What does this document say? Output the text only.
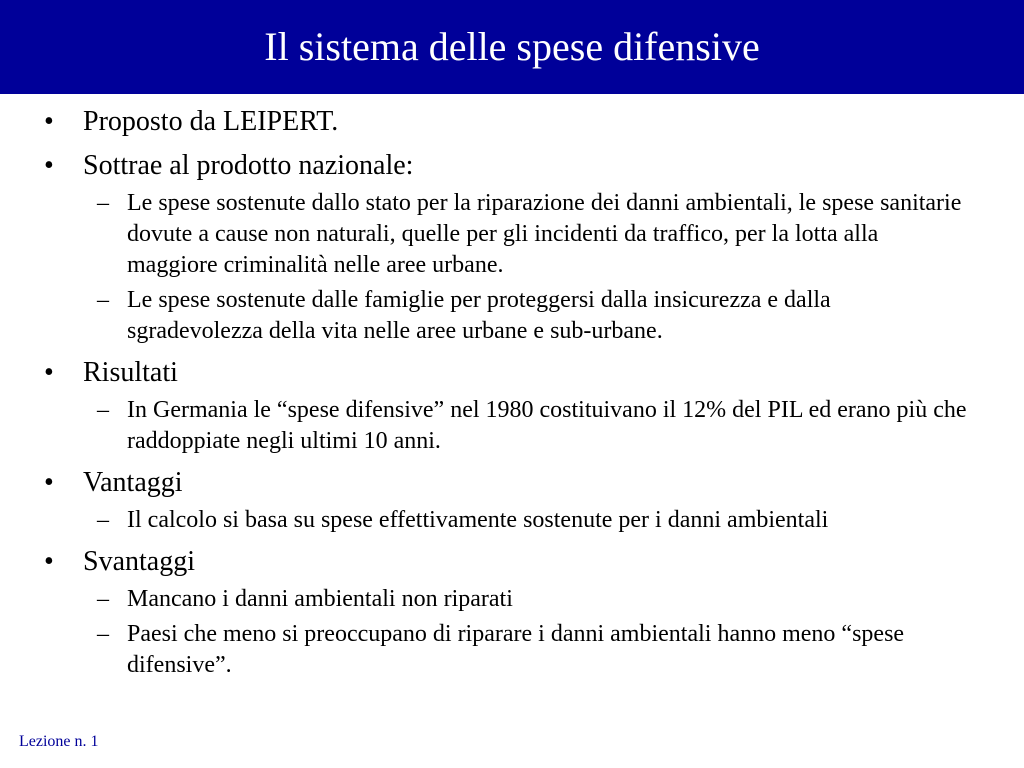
Il sistema delle spese difensive
• Proposto da LEIPERT.
• Sottrae al prodotto nazionale:
– Le spese sostenute dallo stato per la riparazione dei danni ambientali, le spese sanitarie dovute a cause non naturali, quelle per gli incidenti da traffico, per la lotta alla maggiore criminalità nelle aree urbane.
– Le spese sostenute dalle famiglie per proteggersi dalla insicurezza e dalla sgradevolezza della vita nelle aree urbane e sub-urbane.
• Risultati
– In Germania le “spese difensive” nel 1980 costituivano il 12% del PIL ed erano più che raddoppiate negli ultimi 10 anni.
• Vantaggi
– Il calcolo si basa su spese effettivamente sostenute per i danni ambientali
• Svantaggi
– Mancano i danni ambientali non riparati
– Paesi che meno si preoccupano di riparare i danni ambientali hanno meno “spese difensive”.
Lezione n. 1
